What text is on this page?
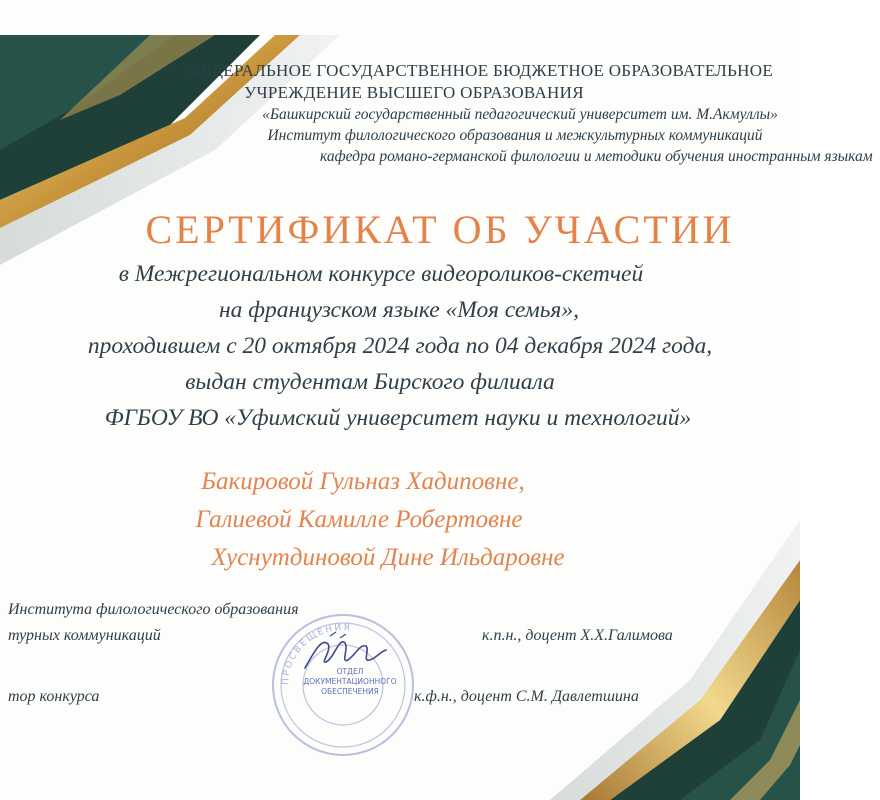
ФЕДЕРАЛЬНОЕ ГОСУДАРСТВЕННОЕ БЮДЖЕТНОЕ ОБРАЗОВАТЕЛЬНОЕ
УЧРЕЖДЕНИЕ ВЫСШЕГО ОБРАЗОВАНИЯ
«Башкирский государственный педагогический университет им. М.Акмуллы»
Институт филологического образования и межкультурных коммуникаций
кафедра романо-германской филологии и методики обучения иностранным языкам
СЕРТИФИКАТ ОБ УЧАСТИИ
в Межрегиональном конкурсе видеороликов-скетчей
на французском языке «Моя семья»,
проходившем с 20 октября 2024 года по 04 декабря 2024 года,
выдан студентам Бирского филиала
ФГБОУ ВО «Уфимский университет науки и технологий»
Бакировой Гульназ Хадиповне,
Галиевой Камилле Робертовне
Хуснутдиновой Дине Ильдаровне
Института филологического образования
турных коммуникаций	к.п.н., доцент Х.Х.Галимова
тор конкурса	к.ф.н., доцент С.М. Давлетшина
ПРОСВЕЩЕНИЯ
ОТДЕЛ
ДОКУМЕНТАЦИОННОГО
ОБЕСПЕЧЕНИЯ
